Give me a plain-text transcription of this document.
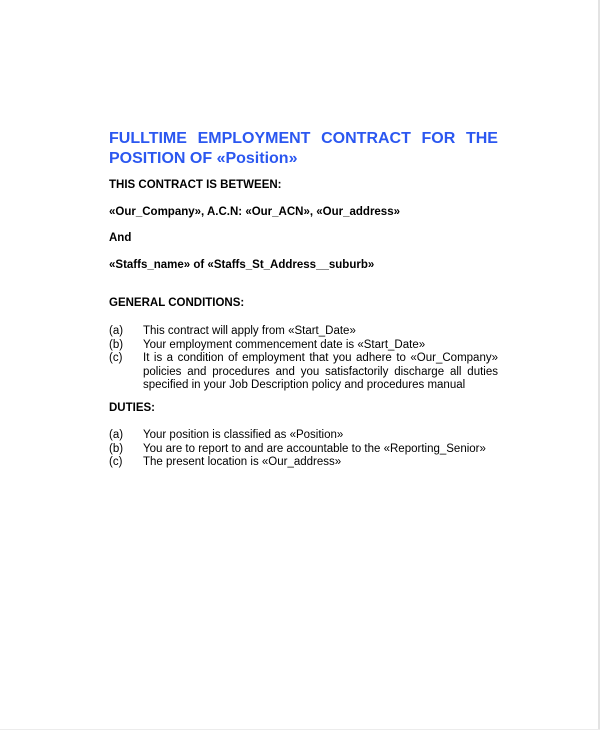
FULLTIME EMPLOYMENT CONTRACT FOR THE
POSITION OF «Position»
THIS CONTRACT IS BETWEEN:
«Our_Company», A.C.N: «Our_ACN», «Our_address»
And
«Staffs_name» of «Staffs_St_Address__suburb»
GENERAL CONDITIONS:
(a)	This contract will apply from «Start_Date»
(b)	Your employment commencement date is «Start_Date»
(c)	It is a condition of employment that you adhere to «Our_Company»
policies and procedures and you satisfactorily discharge all duties
specified in your Job Description policy and procedures manual
DUTIES:
(a)	Your position is classified as «Position»
(b)	You are to report to and are accountable to the «Reporting_Senior»
(c)	The present location is «Our_address»
